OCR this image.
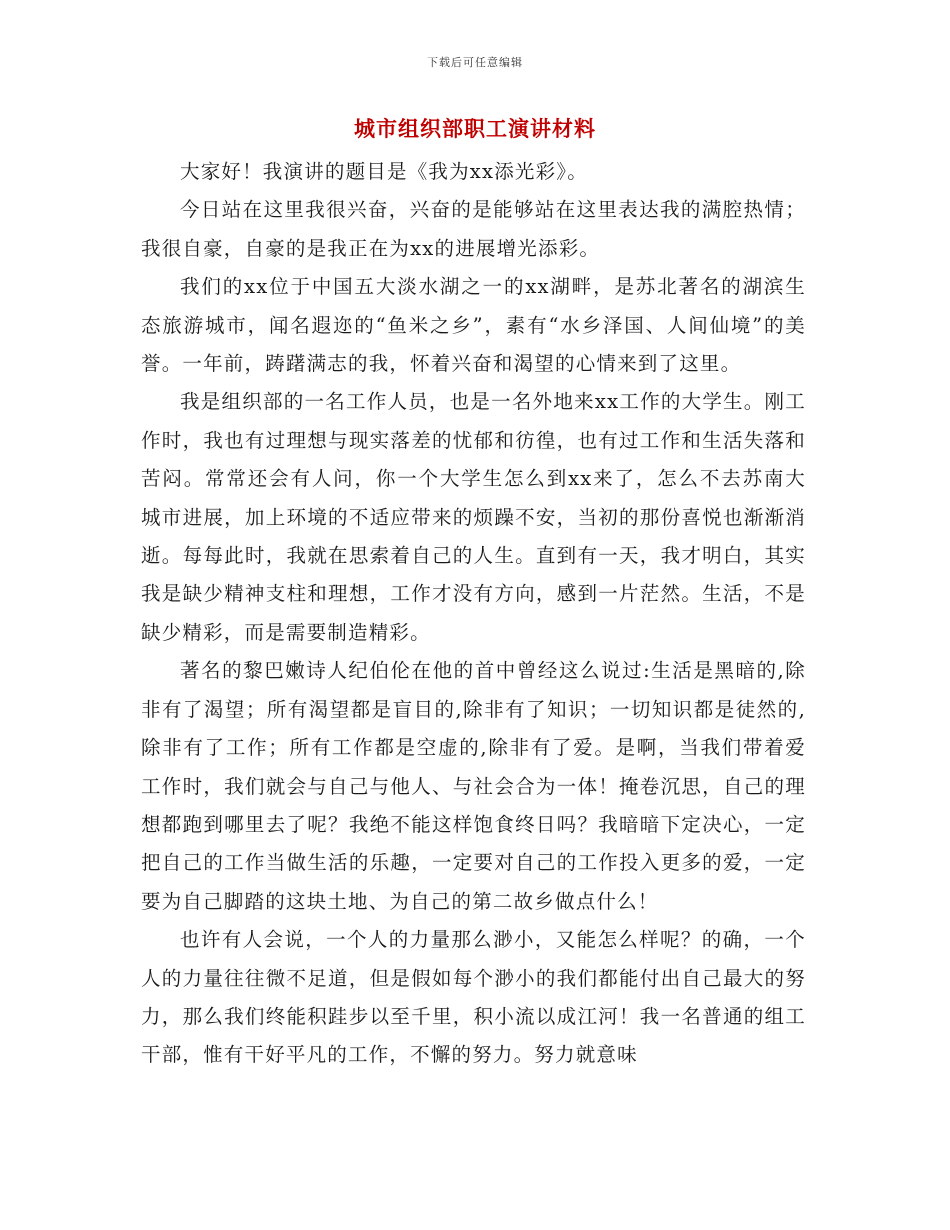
下载后可任意编辑
城市组织部职工演讲材料

大家好！我演讲的题目是《我为xx添光彩》。

今日站在这里我很兴奋，兴奋的是能够站在这里表达我的满腔热情；我很自豪，自豪的是我正在为xx的进展增光添彩。

我们的xx位于中国五大淡水湖之一的xx湖畔，是苏北著名的湖滨生态旅游城市，闻名遐迩的“鱼米之乡”，素有“水乡泽国、人间仙境”的美誉。一年前，踌躇满志的我，怀着兴奋和渴望的心情来到了这里。

我是组织部的一名工作人员，也是一名外地来xx工作的大学生。刚工作时，我也有过理想与现实落差的忧郁和彷徨，也有过工作和生活失落和苦闷。常常还会有人问，你一个大学生怎么到xx来了，怎么不去苏南大城市进展，加上环境的不适应带来的烦躁不安，当初的那份喜悦也渐渐消逝。每每此时，我就在思索着自己的人生。直到有一天，我才明白，其实我是缺少精神支柱和理想，工作才没有方向，感到一片茫然。生活，不是缺少精彩，而是需要制造精彩。

著名的黎巴嫩诗人纪伯伦在他的首中曾经这么说过:生活是黑暗的,除非有了渴望；所有渴望都是盲目的,除非有了知识；一切知识都是徒然的,除非有了工作；所有工作都是空虚的,除非有了爱。是啊，当我们带着爱工作时，我们就会与自己与他人、与社会合为一体！掩卷沉思，自己的理想都跑到哪里去了呢？我绝不能这样饱食终日吗？我暗暗下定决心，一定把自己的工作当做生活的乐趣，一定要对自己的工作投入更多的爱，一定要为自己脚踏的这块土地、为自己的第二故乡做点什么！

也许有人会说，一个人的力量那么渺小，又能怎么样呢？的确，一个人的力量往往微不足道，但是假如每个渺小的我们都能付出自己最大的努力，那么我们终能积跬步以至千里，积小流以成江河！我一名普通的组工干部，惟有干好平凡的工作，不懈的努力。努力就意味
